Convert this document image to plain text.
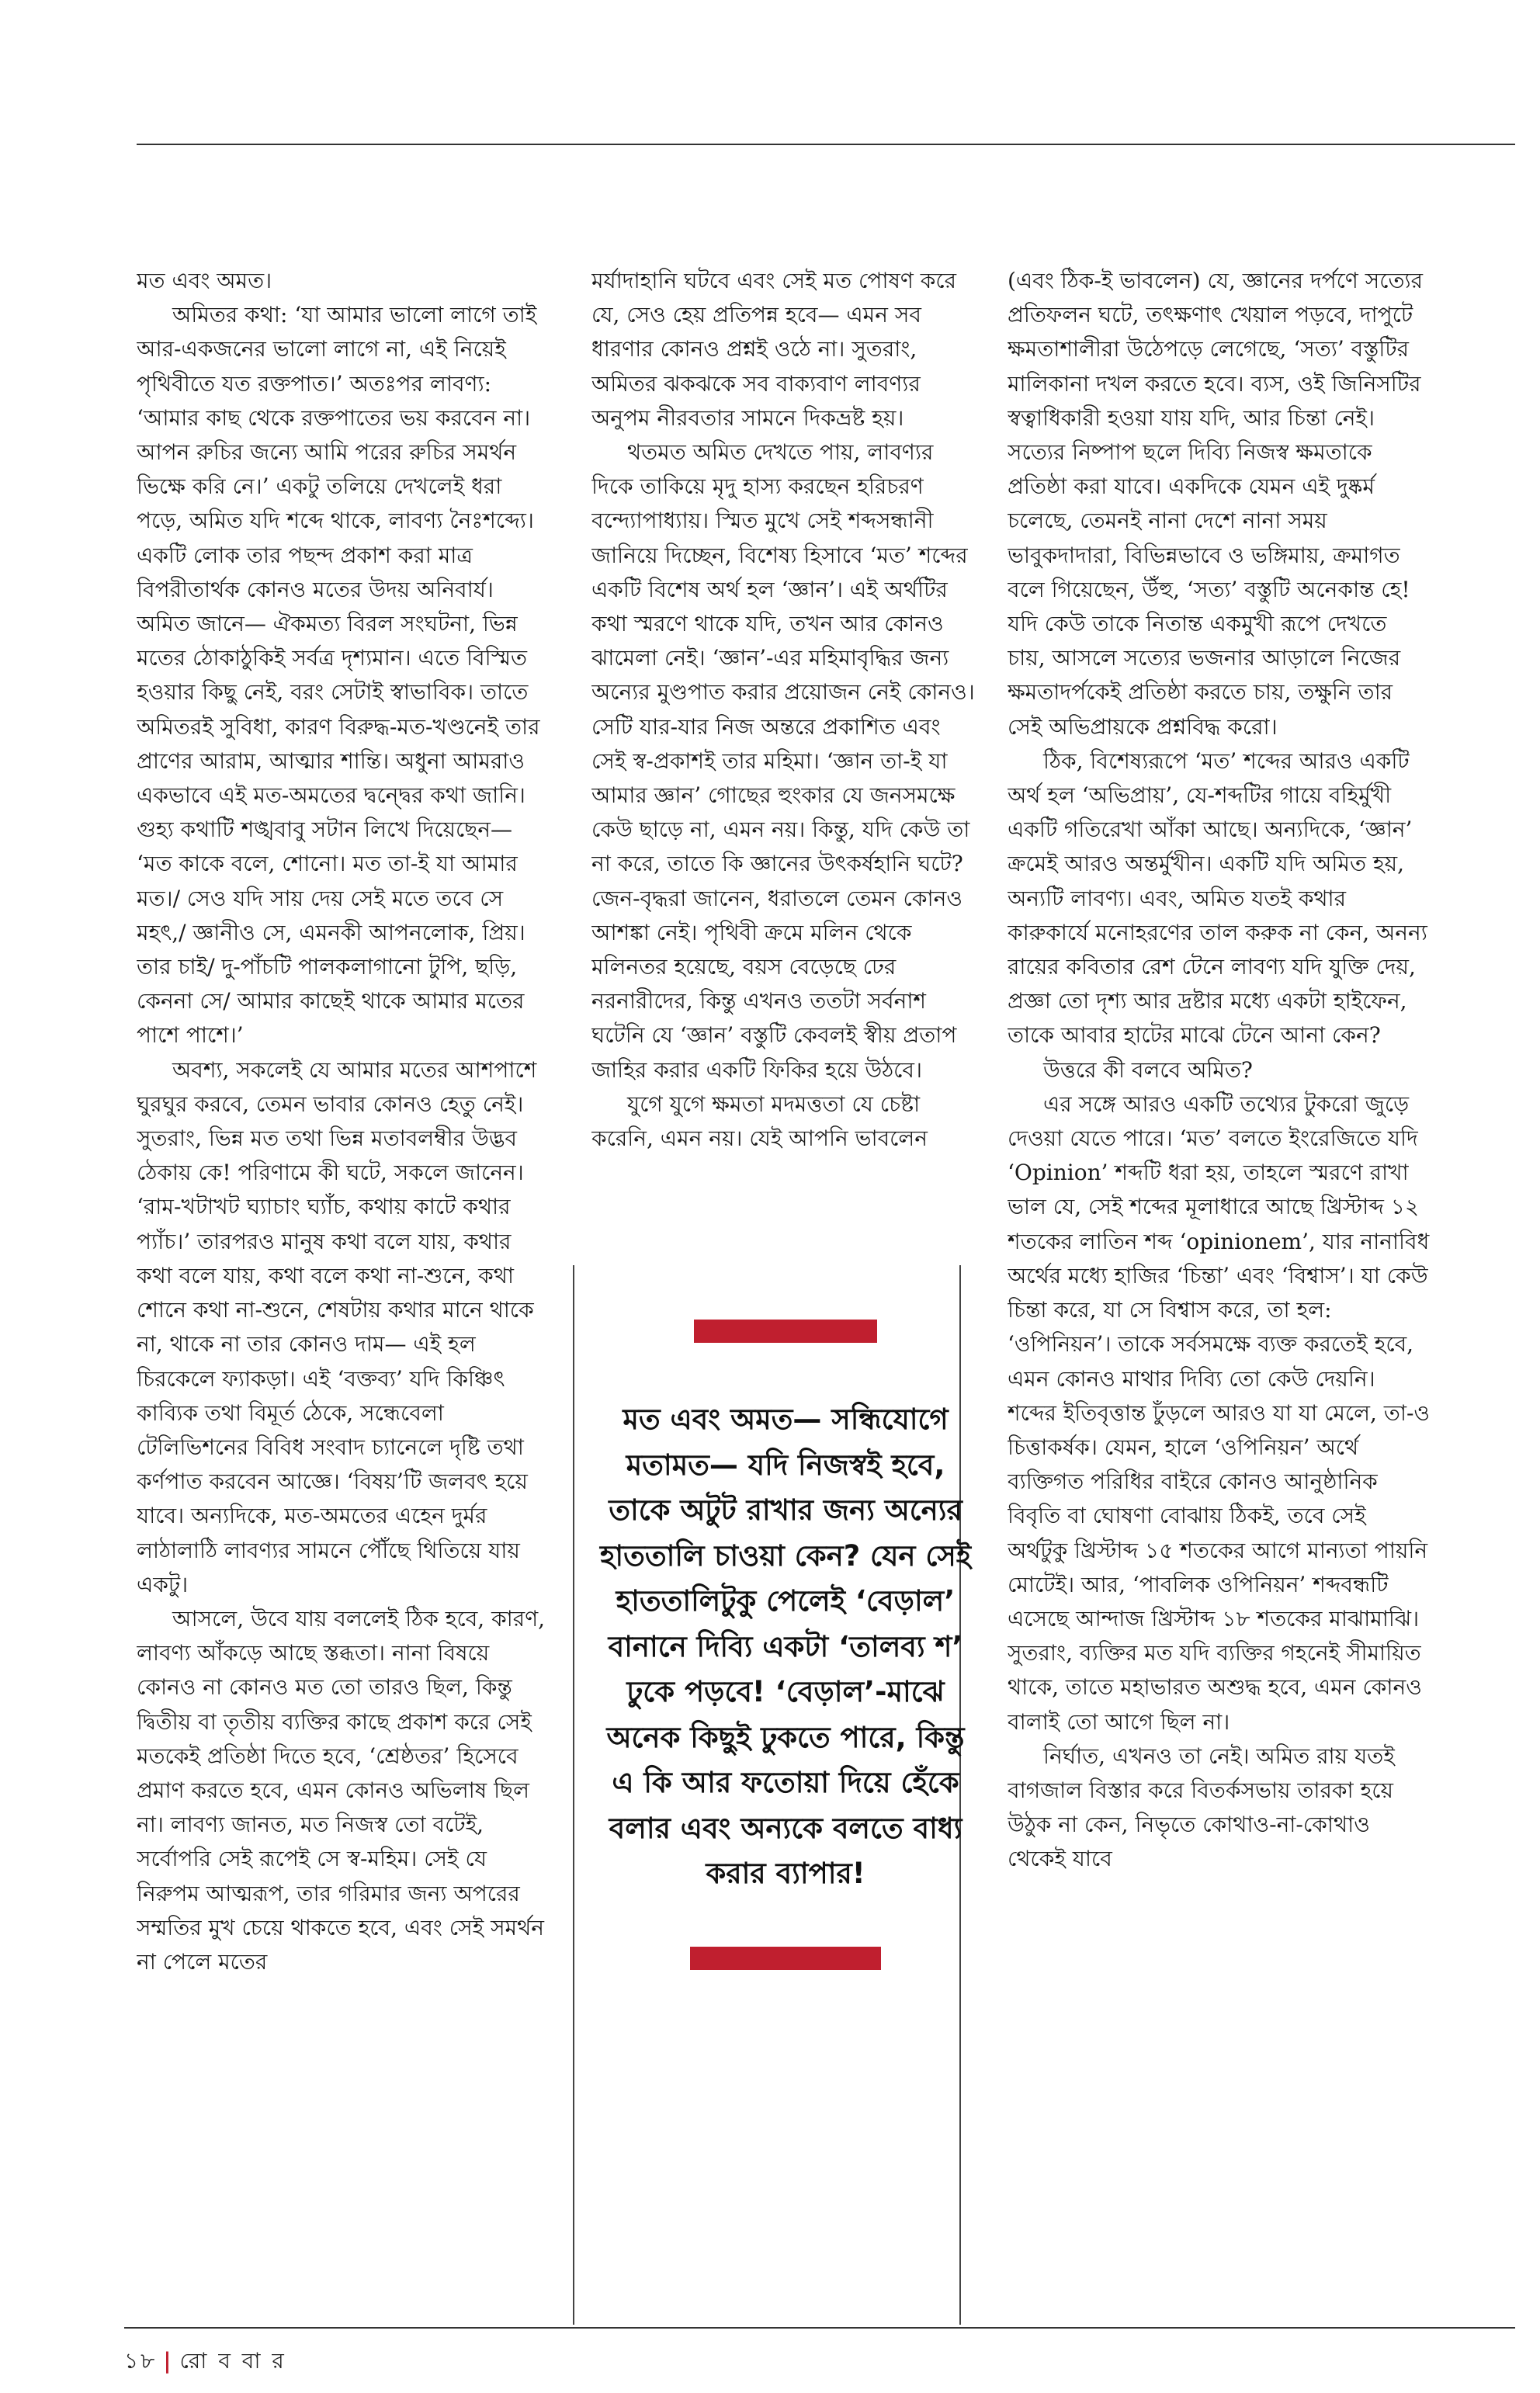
মত এবং অমত।

অমিতর কথা: ‘যা আমার ভালো লাগে তাই আর-একজনের ভালো লাগে না, এই নিয়েই পৃথিবীতে যত রক্তপাত।’ অতঃপর লাবণ্য: ‘আমার কাছ থেকে রক্তপাতের ভয় করবেন না। আপন রুচির জন্যে আমি পরের রুচির সমর্থন ভিক্ষে করি নে।’ একটু তলিয়ে দেখলেই ধরা পড়ে, অমিত যদি শব্দে থাকে, লাবণ্য নৈঃশব্দ্যে। একটি লোক তার পছন্দ প্রকাশ করা মাত্র বিপরীতার্থক কোনও মতের উদয় অনিবার্য। অমিত জানে— ঐকমত্য বিরল সংঘটনা, ভিন্ন মতের ঠোকাঠুকিই সর্বত্র দৃশ্যমান। এতে বিস্মিত হওয়ার কিছু নেই, বরং সেটাই স্বাভাবিক। তাতে অমিতরই সুবিধা, কারণ বিরুদ্ধ-মত-খণ্ডনেই তার প্রাণের আরাম, আত্মার শান্তি। অধুনা আমরাও একভাবে এই মত-অমতের দ্বন্দ্বের কথা জানি। গুহ্য কথাটি শঙ্খবাবু সটান লিখে দিয়েছেন— ‘মত কাকে বলে, শোনো। মত তা-ই যা আমার মত।/ সেও যদি সায় দেয় সেই মতে তবে সে মহৎ,/ জ্ঞানীও সে, এমনকী আপনলোক, প্রিয়। তার চাই/ দু-পাঁচটি পালকলাগানো টুপি, ছড়ি, কেননা সে/ আমার কাছেই থাকে আমার মতের পাশে পাশে।’

অবশ্য, সকলেই যে আমার মতের আশপাশে ঘুরঘুর করবে, তেমন ভাবার কোনও হেতু নেই। সুতরাং, ভিন্ন মত তথা ভিন্ন মতাবলম্বীর উদ্ভব ঠেকায় কে! পরিণামে কী ঘটে, সকলে জানেন। ‘রাম-খটাখট ঘ্যাচাং ঘ্যাঁচ, কথায় কাটে কথার প্যাঁচ।’ তারপরও মানুষ কথা বলে যায়, কথার কথা বলে যায়, কথা বলে কথা না-শুনে, কথা শোনে কথা না-শুনে, শেষটায় কথার মানে থাকে না, থাকে না তার কোনও দাম— এই হল চিরকেলে ফ্যাকড়া। এই ‘বক্তব্য’ যদি কিঞ্চিৎ কাব্যিক তথা বিমূর্ত ঠেকে, সন্ধেবেলা টেলিভিশনের বিবিধ সংবাদ চ্যানেলে দৃষ্টি তথা কর্ণপাত করবেন আজ্ঞে। ‘বিষয়’টি জলবৎ হয়ে যাবে। অন্যদিকে, মত-অমতের এহেন দুর্মর লাঠালাঠি লাবণ্যর সামনে পৌঁছে থিতিয়ে যায় একটু।

আসলে, উবে যায় বললেই ঠিক হবে, কারণ, লাবণ্য আঁকড়ে আছে স্তব্ধতা। নানা বিষয়ে কোনও না কোনও মত তো তারও ছিল, কিন্তু দ্বিতীয় বা তৃতীয় ব্যক্তির কাছে প্রকাশ করে সেই মতকেই প্রতিষ্ঠা দিতে হবে, ‘শ্রেষ্ঠতর’ হিসেবে প্রমাণ করতে হবে, এমন কোনও অভিলাষ ছিল না। লাবণ্য জানত, মত নিজস্ব তো বটেই, সর্বোপরি সেই রূপেই সে স্ব-মহিম। সেই যে নিরুপম আত্মরূপ, তার গরিমার জন্য অপরের সম্মতির মুখ চেয়ে থাকতে হবে, এবং সেই সমর্থন না পেলে মতের

মর্যাদাহানি ঘটবে এবং সেই মত পোষণ করে যে, সেও হেয় প্রতিপন্ন হবে— এমন সব ধারণার কোনও প্রশ্নই ওঠে না। সুতরাং, অমিতর ঝকঝকে সব বাক্যবাণ লাবণ্যর অনুপম নীরবতার সামনে দিকভ্রষ্ট হয়।

থতমত অমিত দেখতে পায়, লাবণ্যর দিকে তাকিয়ে মৃদু হাস্য করছেন হরিচরণ বন্দ্যোপাধ্যায়। স্মিত মুখে সেই শব্দসন্ধানী জানিয়ে দিচ্ছেন, বিশেষ্য হিসাবে ‘মত’ শব্দের একটি বিশেষ অর্থ হল ‘জ্ঞান’। এই অর্থটির কথা স্মরণে থাকে যদি, তখন আর কোনও ঝামেলা নেই। ‘জ্ঞান’-এর মহিমাবৃদ্ধির জন্য অন্যের মুণ্ডপাত করার প্রয়োজন নেই কোনও। সেটি যার-যার নিজ অন্তরে প্রকাশিত এবং সেই স্ব-প্রকাশই তার মহিমা। ‘জ্ঞান তা-ই যা আমার জ্ঞান’ গোছের হুংকার যে জনসমক্ষে কেউ ছাড়ে না, এমন নয়। কিন্তু, যদি কেউ তা না করে, তাতে কি জ্ঞানের উৎকর্ষহানি ঘটে? জেন-বৃদ্ধরা জানেন, ধরাতলে তেমন কোনও আশঙ্কা নেই। পৃথিবী ক্রমে মলিন থেকে মলিনতর হয়েছে, বয়স বেড়েছে ঢের নরনারীদের, কিন্তু এখনও ততটা সর্বনাশ ঘটেনি যে ‘জ্ঞান’ বস্তুটি কেবলই স্বীয় প্রতাপ জাহির করার একটি ফিকির হয়ে উঠবে।

যুগে যুগে ক্ষমতা মদমত্ততা যে চেষ্টা করেনি, এমন নয়। যেই আপনি ভাবলেন

মত এবং অমত— সন্ধিযোগে মতামত— যদি নিজস্বই হবে, তাকে অটুট রাখার জন্য অন্যের হাততালি চাওয়া কেন? যেন সেই হাততালিটুকু পেলেই ‘বেড়াল’ বানানে দিব্যি একটা ‘তালব্য শ’ ঢুকে পড়বে! ‘বেড়াল’-মাঝে অনেক কিছুই ঢুকতে পারে, কিন্তু এ কি আর ফতোয়া দিয়ে হেঁকে বলার এবং অন্যকে বলতে বাধ্য করার ব্যাপার!

(এবং ঠিক-ই ভাবলেন) যে, জ্ঞানের দর্পণে সত্যের প্রতিফলন ঘটে, তৎক্ষণাৎ খেয়াল পড়বে, দাপুটে ক্ষমতাশালীরা উঠেপড়ে লেগেছে, ‘সত্য’ বস্তুটির মালিকানা দখল করতে হবে। ব্যস, ওই জিনিসটির স্বত্বাধিকারী হওয়া যায় যদি, আর চিন্তা নেই। সত্যের নিষ্পাপ ছলে দিব্যি নিজস্ব ক্ষমতাকে প্রতিষ্ঠা করা যাবে। একদিকে যেমন এই দুষ্কর্ম চলেছে, তেমনই নানা দেশে নানা সময় ভাবুকদাদারা, বিভিন্নভাবে ও ভঙ্গিমায়, ক্রমাগত বলে গিয়েছেন, উঁহু, ‘সত্য’ বস্তুটি অনেকান্ত হে! যদি কেউ তাকে নিতান্ত একমুখী রূপে দেখতে চায়, আসলে সত্যের ভজনার আড়ালে নিজের ক্ষমতাদর্পকেই প্রতিষ্ঠা করতে চায়, তক্ষুনি তার সেই অভিপ্রায়কে প্রশ্নবিদ্ধ করো।

ঠিক, বিশেষ্যরূপে ‘মত’ শব্দের আরও একটি অর্থ হল ‘অভিপ্রায়’, যে-শব্দটির গায়ে বহির্মুখী একটি গতিরেখা আঁকা আছে। অন্যদিকে, ‘জ্ঞান’ ক্রমেই আরও অন্তর্মুখীন। একটি যদি অমিত হয়, অন্যটি লাবণ্য। এবং, অমিত যতই কথার কারুকার্যে মনোহরণের তাল করুক না কেন, অনন্য রায়ের কবিতার রেশ টেনে লাবণ্য যদি যুক্তি দেয়, প্রজ্ঞা তো দৃশ্য আর দ্রষ্টার মধ্যে একটা হাইফেন, তাকে আবার হাটের মাঝে টেনে আনা কেন?

উত্তরে কী বলবে অমিত?

এর সঙ্গে আরও একটি তথ্যের টুকরো জুড়ে দেওয়া যেতে পারে। ‘মত’ বলতে ইংরেজিতে যদি ‘Opinion’ শব্দটি ধরা হয়, তাহলে স্মরণে রাখা ভাল যে, সেই শব্দের মূলাধারে আছে খ্রিস্টাব্দ ১২ শতকের লাতিন শব্দ ‘opinionem’, যার নানাবিধ অর্থের মধ্যে হাজির ‘চিন্তা’ এবং ‘বিশ্বাস’। যা কেউ চিন্তা করে, যা সে বিশ্বাস করে, তা হল: ‘ওপিনিয়ন’। তাকে সর্বসমক্ষে ব্যক্ত করতেই হবে, এমন কোনও মাথার দিব্যি তো কেউ দেয়নি। শব্দের ইতিবৃত্তান্ত ঢুঁড়লে আরও যা যা মেলে, তা-ও চিত্তাকর্ষক। যেমন, হালে ‘ওপিনিয়ন’ অর্থে ব্যক্তিগত পরিধির বাইরে কোনও আনুষ্ঠানিক বিবৃতি বা ঘোষণা বোঝায় ঠিকই, তবে সেই অর্থটুকু খ্রিস্টাব্দ ১৫ শতকের আগে মান্যতা পায়নি মোটেই। আর, ‘পাবলিক ওপিনিয়ন’ শব্দবন্ধটি এসেছে আন্দাজ খ্রিস্টাব্দ ১৮ শতকের মাঝামাঝি। সুতরাং, ব্যক্তির মত যদি ব্যক্তির গহনেই সীমায়িত থাকে, তাতে মহাভারত অশুদ্ধ হবে, এমন কোনও বালাই তো আগে ছিল না।

নির্ঘাত, এখনও তা নেই। অমিত রায় যতই বাগজাল বিস্তার করে বিতর্কসভায় তারকা হয়ে উঠুক না কেন, নিভৃতে কোথাও-না-কোথাও থেকেই যাবে

১৮ | রো ব বা র
